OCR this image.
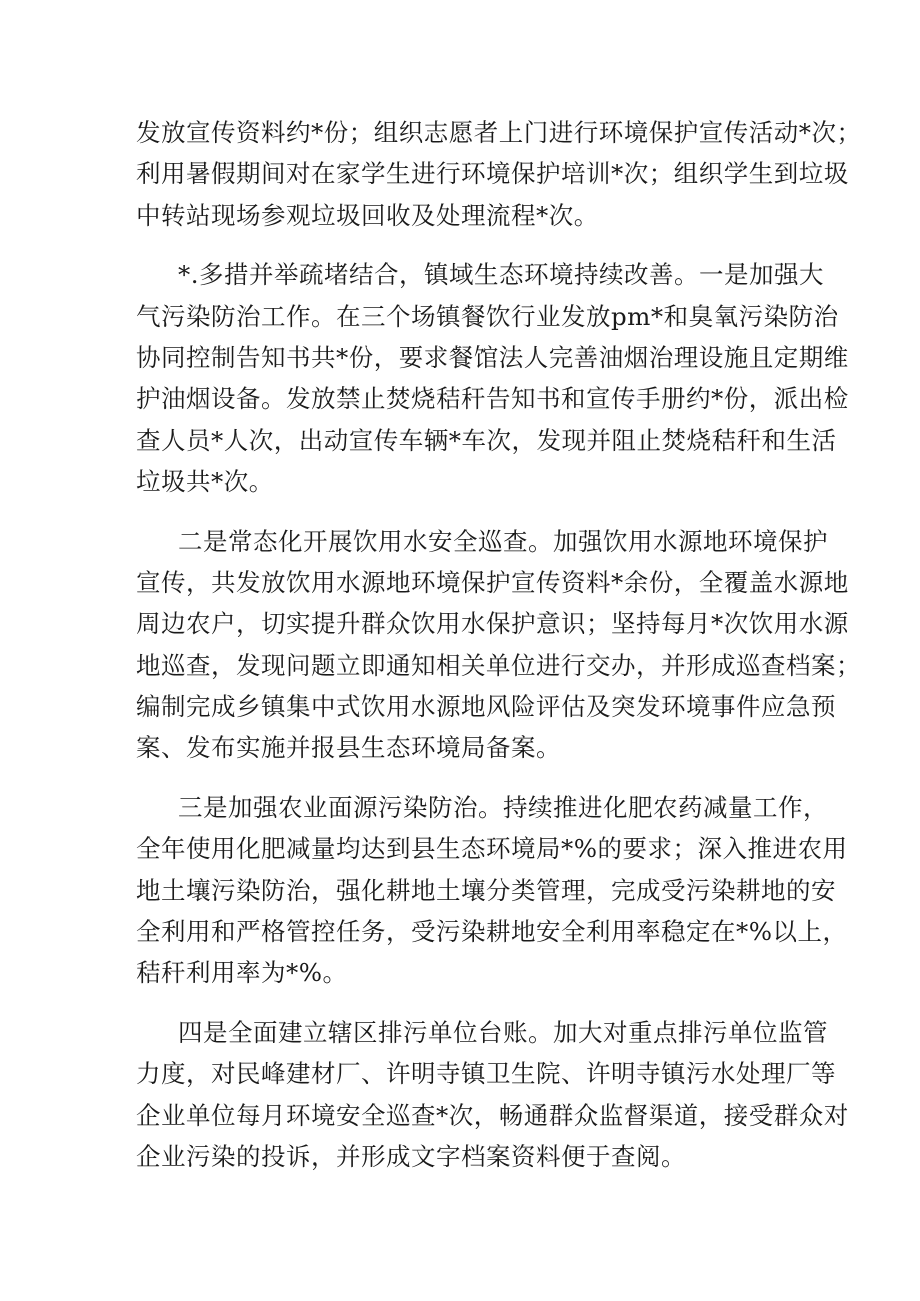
发放宣传资料约*份；组织志愿者上门进行环境保护宣传活动*次；
利用暑假期间对在家学生进行环境保护培训*次；组织学生到垃圾
中转站现场参观垃圾回收及处理流程*次。
*.多措并举疏堵结合，镇域生态环境持续改善。一是加强大
气污染防治工作。在三个场镇餐饮行业发放pm*和臭氧污染防治
协同控制告知书共*份，要求餐馆法人完善油烟治理设施且定期维
护油烟设备。发放禁止焚烧秸秆告知书和宣传手册约*份，派出检
查人员*人次，出动宣传车辆*车次，发现并阻止焚烧秸秆和生活
垃圾共*次。
二是常态化开展饮用水安全巡查。加强饮用水源地环境保护
宣传，共发放饮用水源地环境保护宣传资料*余份，全覆盖水源地
周边农户，切实提升群众饮用水保护意识；坚持每月*次饮用水源
地巡查，发现问题立即通知相关单位进行交办，并形成巡查档案；
编制完成乡镇集中式饮用水源地风险评估及突发环境事件应急预
案、发布实施并报县生态环境局备案。
三是加强农业面源污染防治。持续推进化肥农药减量工作，
全年使用化肥减量均达到县生态环境局*%的要求；深入推进农用
地土壤污染防治，强化耕地土壤分类管理，完成受污染耕地的安
全利用和严格管控任务，受污染耕地安全利用率稳定在*%以上，
秸秆利用率为*%。
四是全面建立辖区排污单位台账。加大对重点排污单位监管
力度，对民峰建材厂、许明寺镇卫生院、许明寺镇污水处理厂等
企业单位每月环境安全巡查*次，畅通群众监督渠道，接受群众对
企业污染的投诉，并形成文字档案资料便于查阅。
